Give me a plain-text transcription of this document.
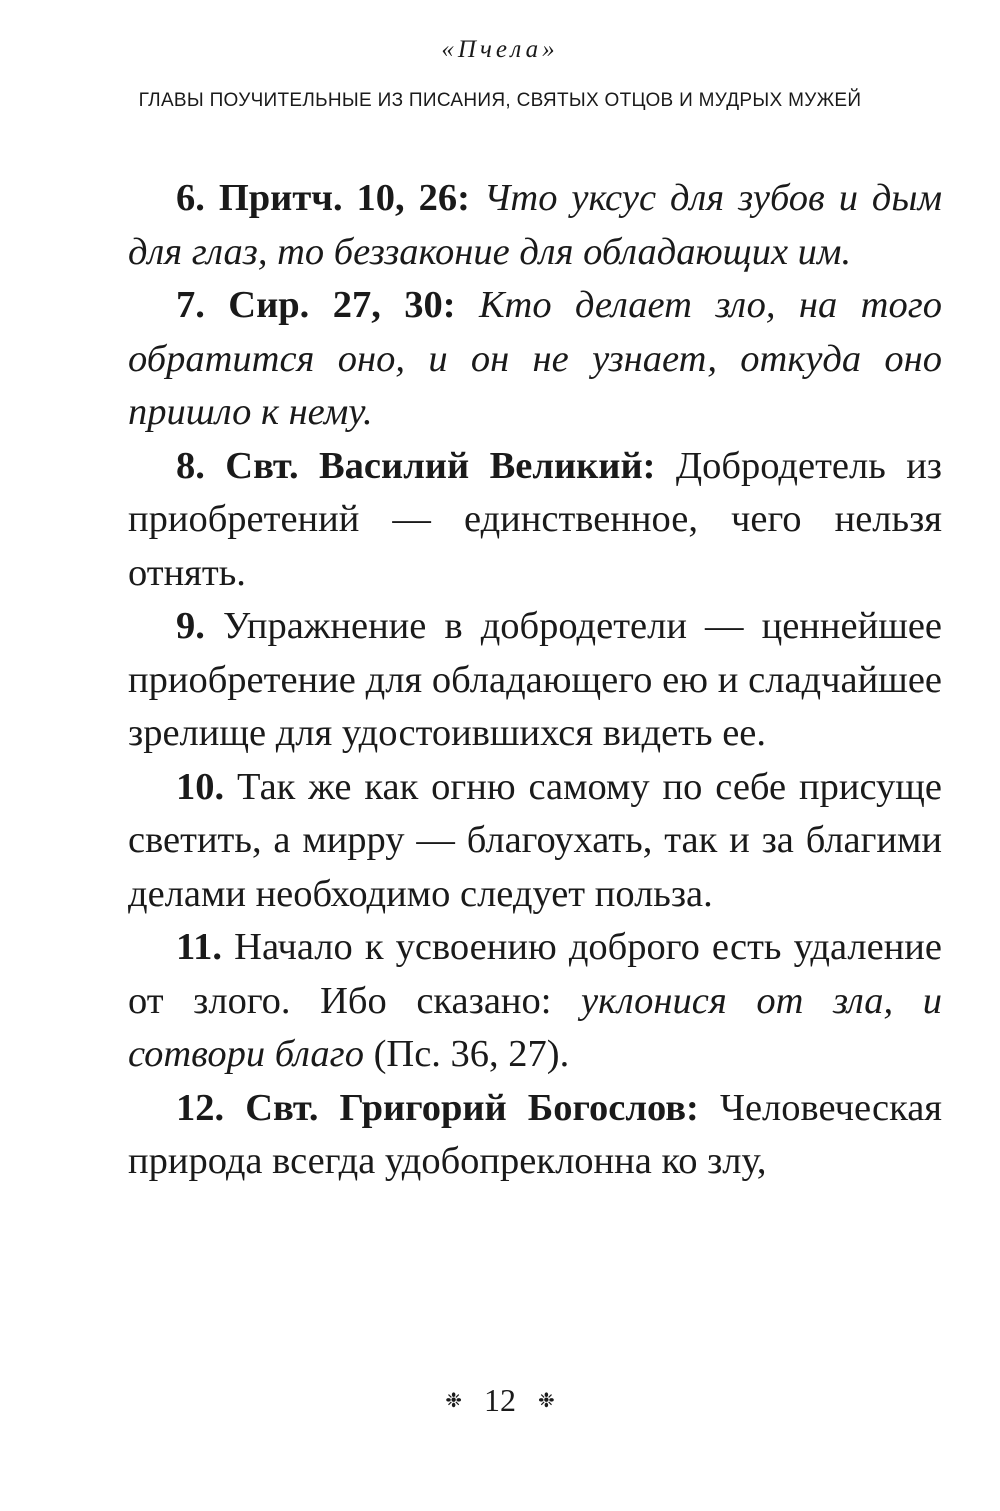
«Пчела»
ГЛАВЫ ПОУЧИТЕЛЬНЫЕ ИЗ ПИСАНИЯ, СВЯТЫХ ОТЦОВ И МУДРЫХ МУЖЕЙ

6. Притч. 10, 26: Что уксус для зубов и дым для глаз, то беззаконие для обладающих им.

7. Сир. 27, 30: Кто делает зло, на того обратится оно, и он не узнает, откуда оно пришло к нему.

8. Свт. Василий Великий: Добродетель из приобретений — единственное, чего нельзя отнять.

9. Упражнение в добродетели — ценнейшее приобретение для обладающего ею и сладчайшее зрелище для удостоившихся видеть ее.

10. Так же как огню самому по себе присуще светить, а мирру — благоухать, так и за благими делами необходимо следует польза.

11. Начало к усвоению доброго есть удаление от злого. Ибо сказано: уклонися от зла, и сотвори благо (Пс. 36, 27).

12. Свт. Григорий Богослов: Человеческая природа всегда удобопреклонна ко злу,

❉ 12 ❉
